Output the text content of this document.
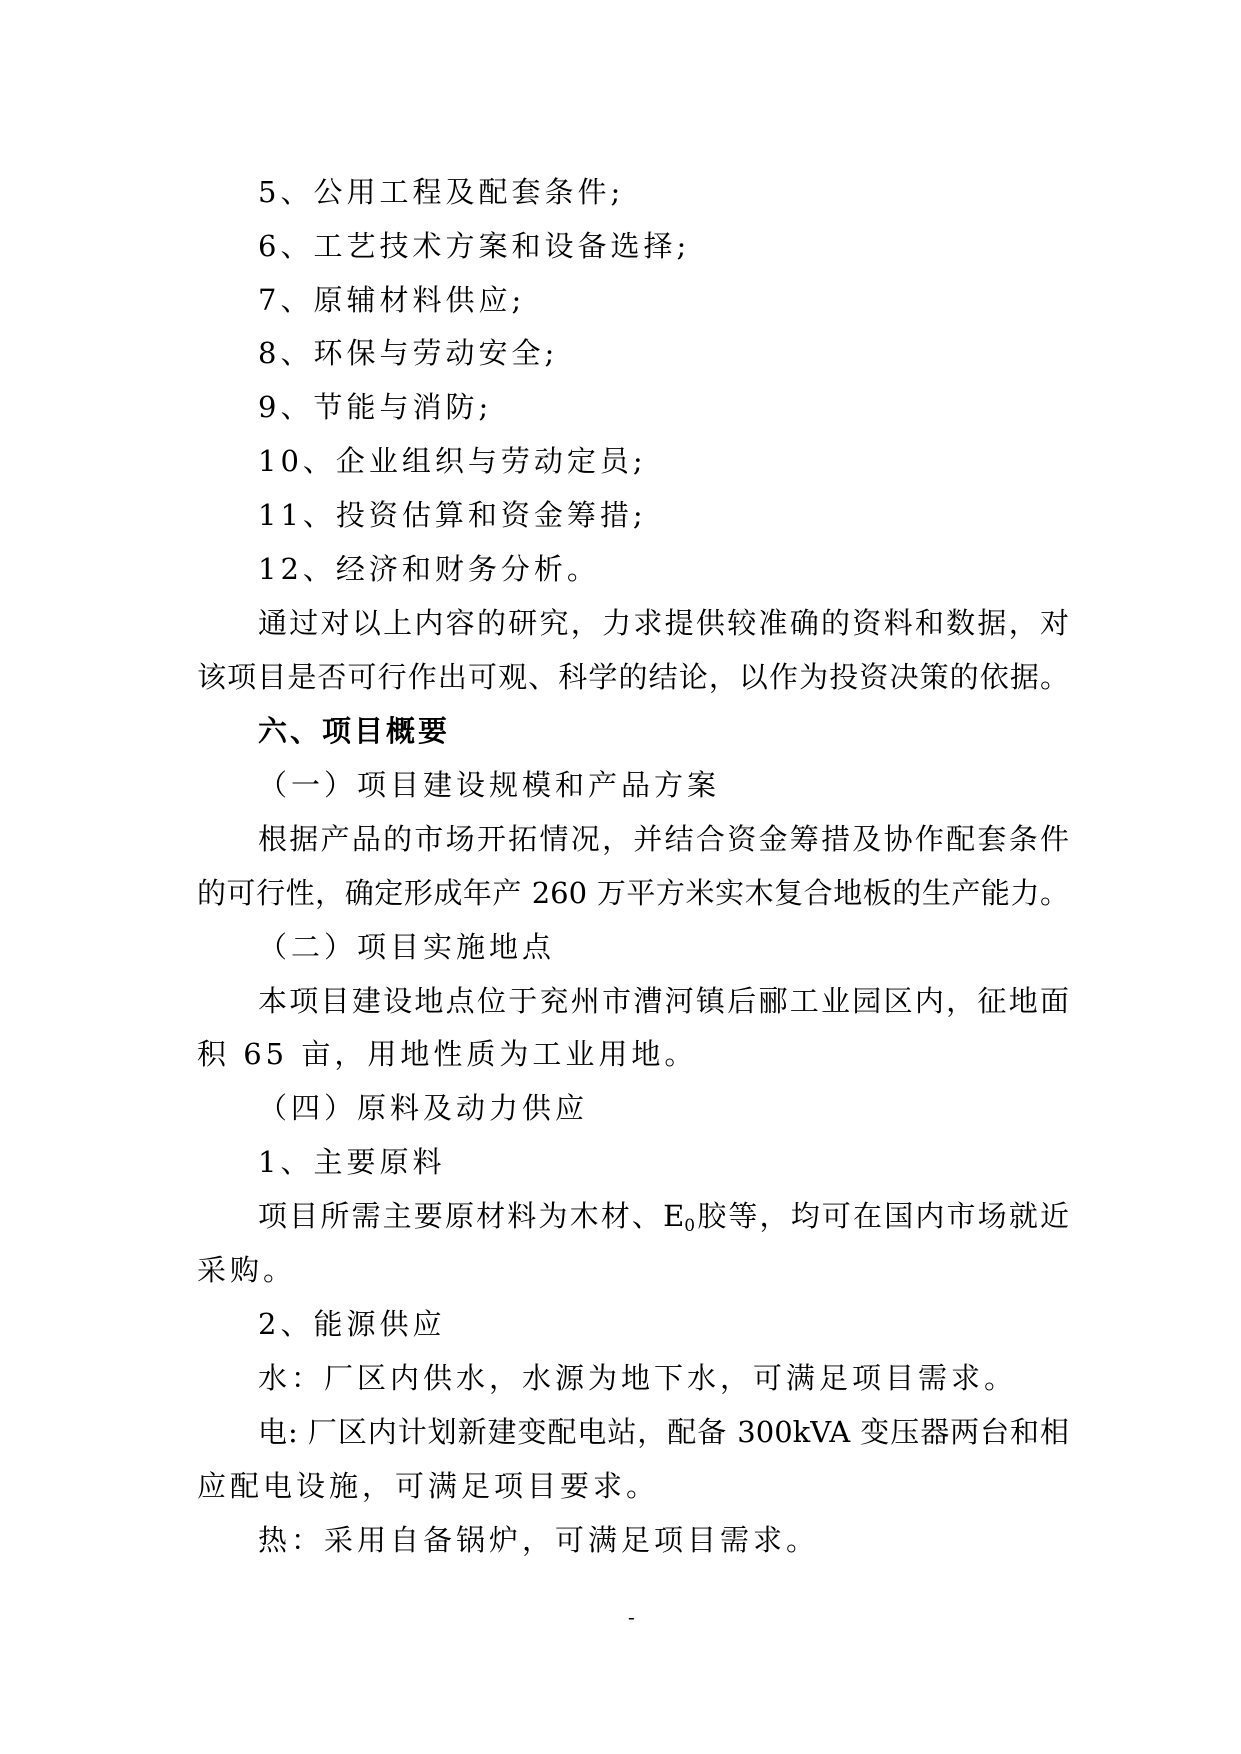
5、公用工程及配套条件;
6、工艺技术方案和设备选择;
7、原辅材料供应;
8、环保与劳动安全;
9、节能与消防;
10、企业组织与劳动定员;
11、投资估算和资金筹措;
12、经济和财务分析。
通过对以上内容的研究，力求提供较准确的资料和数据，对
该项目是否可行作出可观、科学的结论，以作为投资决策的依据。
六、项目概要
（一）项目建设规模和产品方案
根据产品的市场开拓情况，并结合资金筹措及协作配套条件
的可行性，确定形成年产 260 万平方米实木复合地板的生产能力。
（二）项目实施地点
本项目建设地点位于兖州市漕河镇后郦工业园区内，征地面
积 65 亩，用地性质为工业用地。
（四）原料及动力供应
1、主要原料
项目所需主要原材料为木材、$E_0$胶等，均可在国内市场就近
采购。
2、能源供应
水：厂区内供水，水源为地下水，可满足项目需求。
电: 厂区内计划新建变配电站，配备 300kVA 变压器两台和相
应配电设施，可满足项目要求。
热：采用自备锅炉，可满足项目需求。
-
